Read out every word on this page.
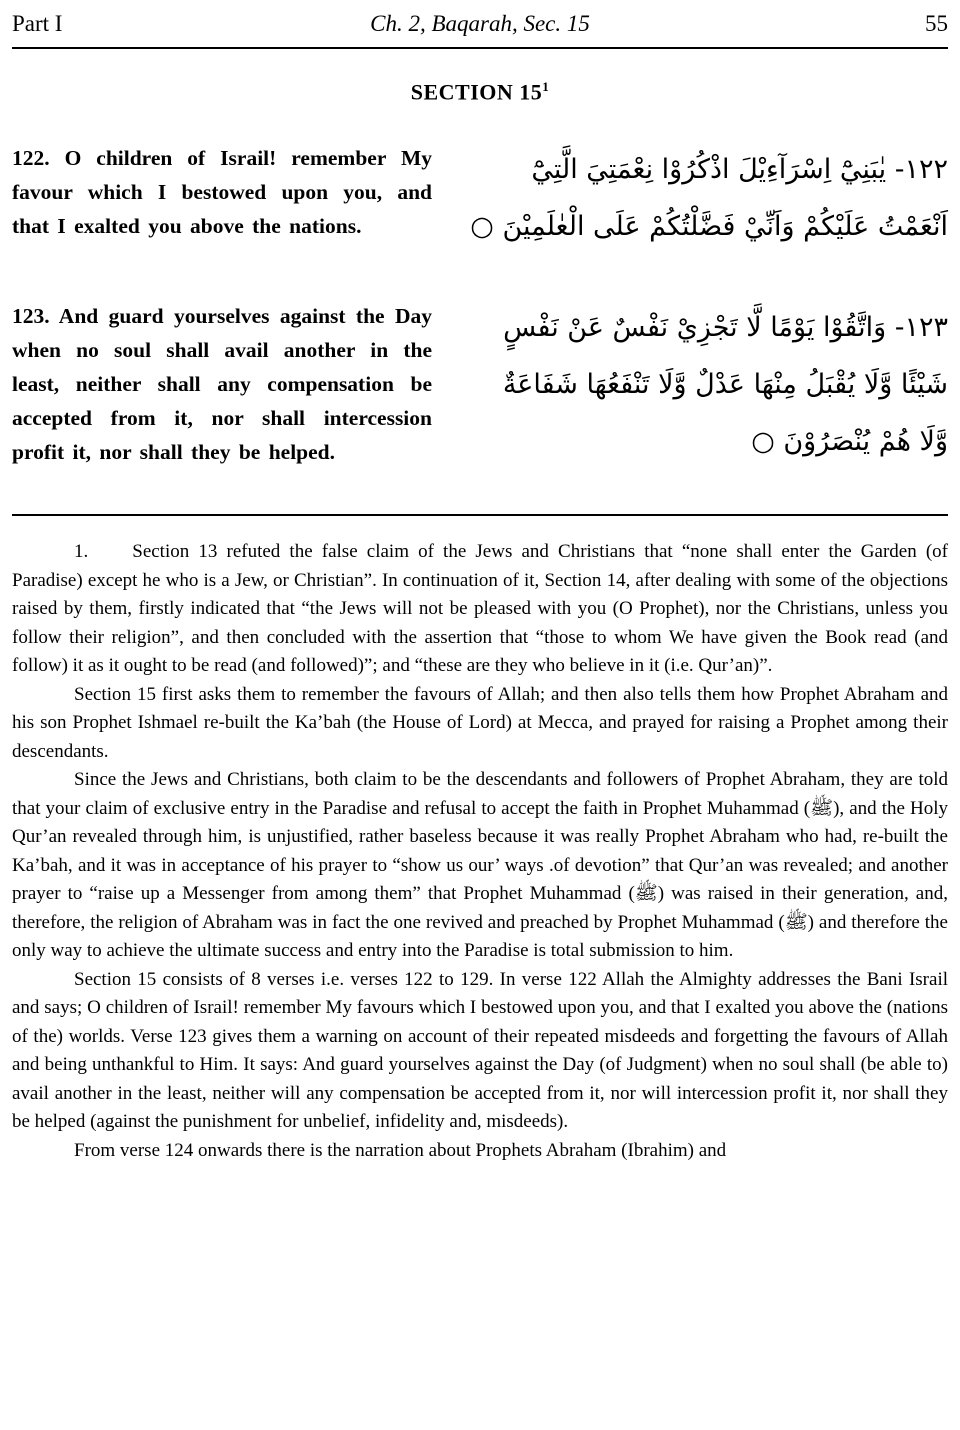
Part I	Ch. 2, Baqarah, Sec. 15	55
SECTION $15^1$

122. O children of Israil! remember My favour which I bestowed upon you, and that I exalted you above the nations.

١٢٢- يٰبَنِيْٓ اِسْرَآءِيْلَ اذْكُرُوْا نِعْمَتِيَ الَّتِيْٓ اَنْعَمْتُ عَلَيْكُمْ وَاَنِّيْ فَضَّلْتُكُمْ عَلَى الْعٰلَمِيْنَ ○

123. And guard yourselves against the Day when no soul shall avail another in the least, neither shall any compensation be accepted from it, nor shall intercession profit it, nor shall they be helped.

١٢٣- وَاتَّقُوْا يَوْمًا لَّا تَجْزِيْ نَفْسٌ عَنْ نَفْسٍ شَيْئًا وَّلَا يُقْبَلُ مِنْهَا عَدْلٌ وَّلَا تَنْفَعُهَا شَفَاعَةٌ وَّلَا هُمْ يُنْصَرُوْنَ ○

1. Section 13 refuted the false claim of the Jews and Christians that “none shall enter the Garden (of Paradise) except he who is a Jew, or Christian”. In continuation of it, Section 14, after dealing with some of the objections raised by them, firstly indicated that “the Jews will not be pleased with you (O Prophet), nor the Christians, unless you follow their religion”, and then concluded with the assertion that “those to whom We have given the Book read (and follow) it as it ought to be read (and followed)”; and “these are they who believe in it (i.e. Qur’an)”.

Section 15 first asks them to remember the favours of Allah; and then also tells them how Prophet Abraham and his son Prophet Ishmael re-built the Ka’bah (the House of Lord) at Mecca, and prayed for raising a Prophet among their descendants.

Since the Jews and Christians, both claim to be the descendants and followers of Prophet Abraham, they are told that your claim of exclusive entry in the Paradise and refusal to accept the faith in Prophet Muhammad (ﷺ), and the Holy Qur’an revealed through him, is unjustified, rather baseless because it was really Prophet Abraham who had, re-built the Ka’bah, and it was in acceptance of his prayer to “show us our’ ways .of devotion” that Qur’an was revealed; and another prayer to “raise up a Messenger from among them” that Prophet Muhammad (ﷺ) was raised in their generation, and, therefore, the religion of Abraham was in fact the one revived and preached by Prophet Muhammad (ﷺ) and therefore the only way to achieve the ultimate success and entry into the Paradise is total submission to him.

Section 15 consists of 8 verses i.e. verses 122 to 129. In verse 122 Allah the Almighty addresses the Bani Israil and says; O children of Israil! remember My favours which I bestowed upon you, and that I exalted you above the (nations of the) worlds. Verse 123 gives them a warning on account of their repeated misdeeds and forgetting the favours of Allah and being unthankful to Him. It says: And guard yourselves against the Day (of Judgment) when no soul shall (be able to) avail another in the least, neither will any compensation be accepted from it, nor will intercession profit it, nor shall they be helped (against the punishment for unbelief, infidelity and, misdeeds).

From verse 124 onwards there is the narration about Prophets Abraham (Ibrahim) and
